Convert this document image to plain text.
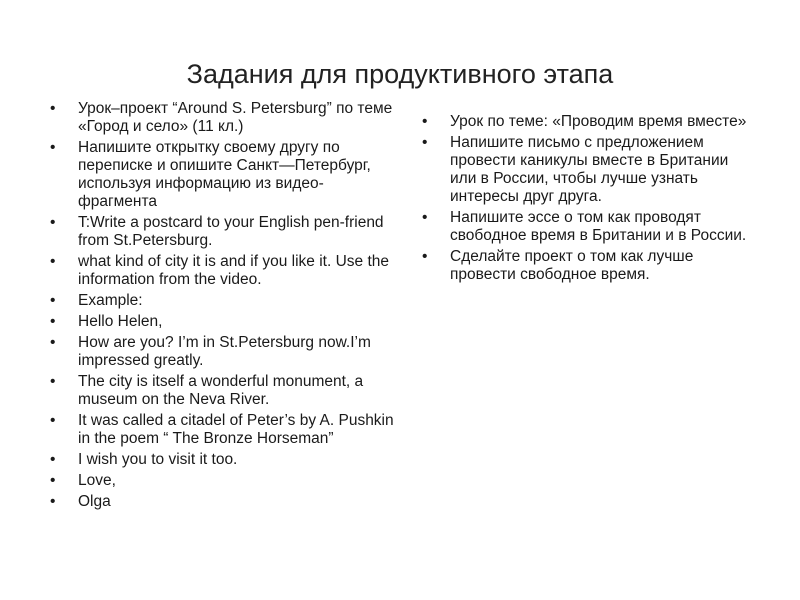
Задания для продуктивного этапа
•	Урок–проект “Around S. Petersburg” по теме «Город и село» (11 кл.)
•	Напишите открытку своему другу по переписке и опишите Санкт—Петербург, используя информацию из видео-фрагмента
•	T:Write a postcard to your English pen-friend from St.Petersburg.
•	what kind of city it is and if you like it. Use the information from the video.
•	Example:
•	Hello Helen,
•	How are you? I’m in St.Petersburg now.I’m impressed greatly.
•	The city is itself a wonderful monument, a museum on the Neva River.
•	It was called a citadel of Peter’s by A. Pushkin in the poem “ The Bronze Horseman”
•	I wish you to visit it too.
•	Love,
•	Olga
•	Урок по теме: «Проводим время вместе»
•	Напишите письмо с предложением провести каникулы вместе в Британии или в России, чтобы лучше узнать интересы друг друга.
•	Напишите эссе о том как проводят свободное время в Британии и в России.
•	Сделайте проект о том как лучше провести свободное время.
